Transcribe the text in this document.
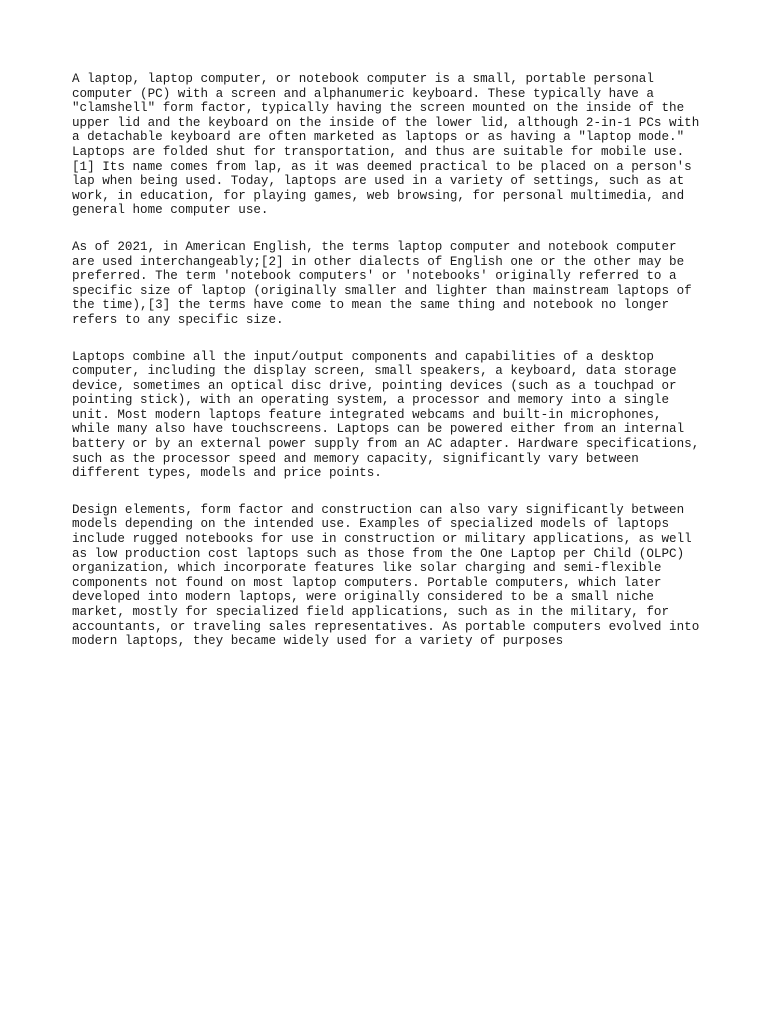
A laptop, laptop computer, or notebook computer is a small, portable personal
computer (PC) with a screen and alphanumeric keyboard. These typically have a
"clamshell" form factor, typically having the screen mounted on the inside of the
upper lid and the keyboard on the inside of the lower lid, although 2-in-1 PCs with
a detachable keyboard are often marketed as laptops or as having a "laptop mode."
Laptops are folded shut for transportation, and thus are suitable for mobile use.
[1] Its name comes from lap, as it was deemed practical to be placed on a person's
lap when being used. Today, laptops are used in a variety of settings, such as at
work, in education, for playing games, web browsing, for personal multimedia, and
general home computer use.

As of 2021, in American English, the terms laptop computer and notebook computer
are used interchangeably;[2] in other dialects of English one or the other may be
preferred. The term 'notebook computers' or 'notebooks' originally referred to a
specific size of laptop (originally smaller and lighter than mainstream laptops of
the time),[3] the terms have come to mean the same thing and notebook no longer
refers to any specific size.

Laptops combine all the input/output components and capabilities of a desktop
computer, including the display screen, small speakers, a keyboard, data storage
device, sometimes an optical disc drive, pointing devices (such as a touchpad or
pointing stick), with an operating system, a processor and memory into a single
unit. Most modern laptops feature integrated webcams and built-in microphones,
while many also have touchscreens. Laptops can be powered either from an internal
battery or by an external power supply from an AC adapter. Hardware specifications,
such as the processor speed and memory capacity, significantly vary between
different types, models and price points.

Design elements, form factor and construction can also vary significantly between
models depending on the intended use. Examples of specialized models of laptops
include rugged notebooks for use in construction or military applications, as well
as low production cost laptops such as those from the One Laptop per Child (OLPC)
organization, which incorporate features like solar charging and semi-flexible
components not found on most laptop computers. Portable computers, which later
developed into modern laptops, were originally considered to be a small niche
market, mostly for specialized field applications, such as in the military, for
accountants, or traveling sales representatives. As portable computers evolved into
modern laptops, they became widely used for a variety of purposes
